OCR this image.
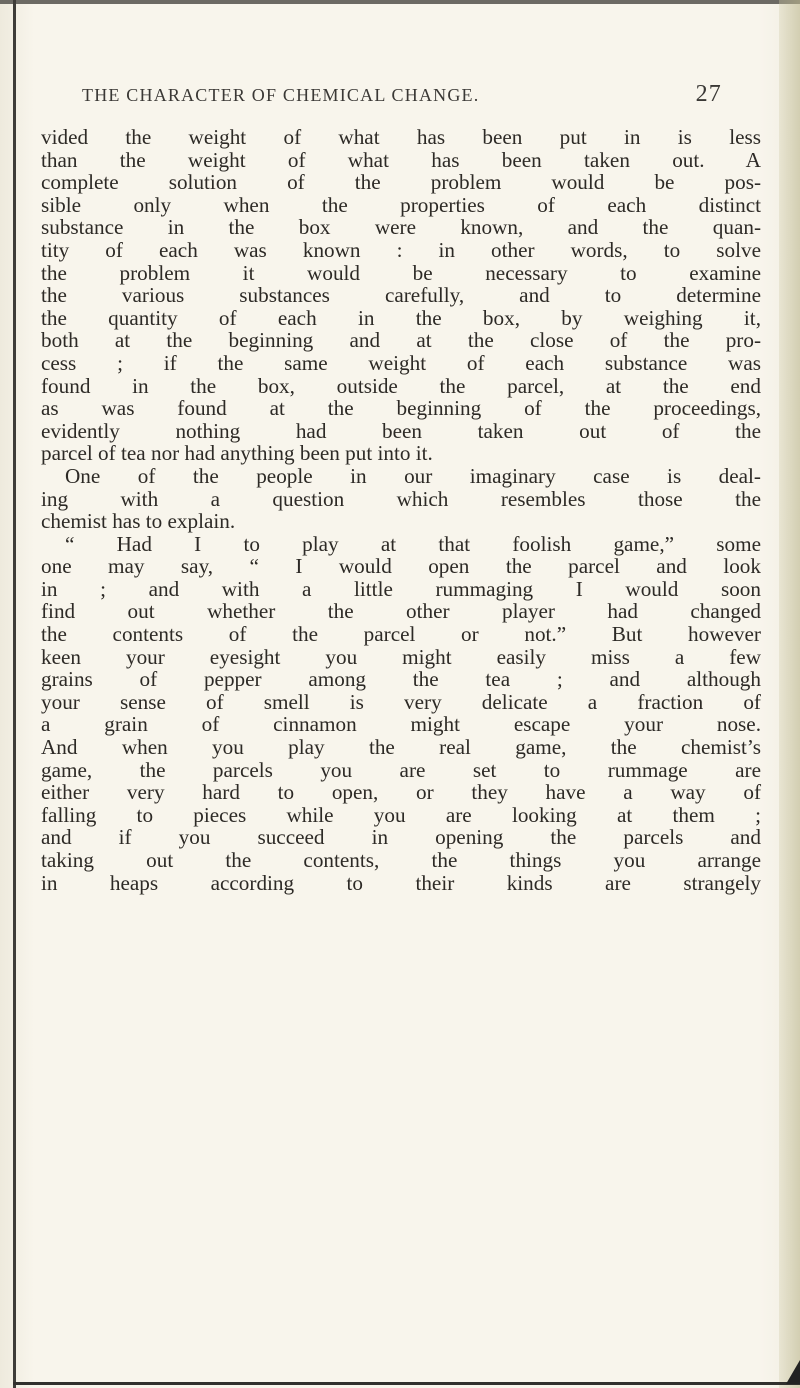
THE CHARACTER OF CHEMICAL CHANGE.	27
vided the weight of what has been put in is less
than the weight of what has been taken out. A
complete solution of the problem would be pos-
sible only when the properties of each distinct
substance in the box were known, and the quan-
tity of each was known : in other words, to solve
the problem it would be necessary to examine
the various substances carefully, and to determine
the quantity of each in the box, by weighing it,
both at the beginning and at the close of the pro-
cess ; if the same weight of each substance was
found in the box, outside the parcel, at the end
as was found at the beginning of the proceedings,
evidently nothing had been taken out of the
parcel of tea nor had anything been put into it.
One of the people in our imaginary case is deal-
ing with a question which resembles those the
chemist has to explain.
“ Had I to play at that foolish game,” some
one may say, “ I would open the parcel and look
in ; and with a little rummaging I would soon
find out whether the other player had changed
the contents of the parcel or not.” But however
keen your eyesight you might easily miss a few
grains of pepper among the tea ; and although
your sense of smell is very delicate a fraction of
a grain of cinnamon might escape your nose.
And when you play the real game, the chemist’s
game, the parcels you are set to rummage are
either very hard to open, or they have a way of
falling to pieces while you are looking at them ;
and if you succeed in opening the parcels and
taking out the contents, the things you arrange
in heaps according to their kinds are strangely
